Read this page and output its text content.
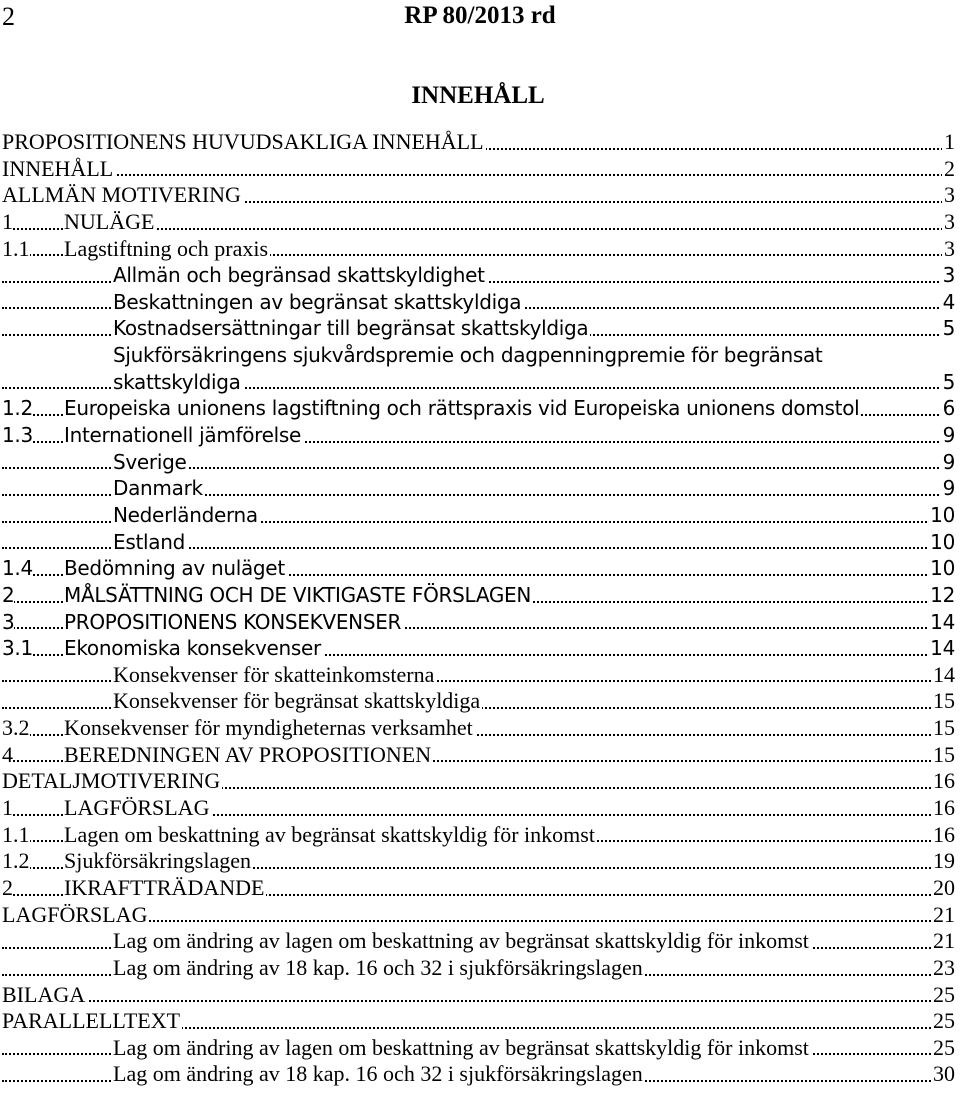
2	RP 80/2013 rd
INNEHÅLL
PROPOSITIONENS HUVUDSAKLIGA INNEHÅLL	1
INNEHÅLL	2
ALLMÄN MOTIVERING	3
1 NULÄGE	3
1.1 Lagstiftning och praxis	3
Allmän och begränsad skattskyldighet	3
Beskattningen av begränsat skattskyldiga	4
Kostnadsersättningar till begränsat skattskyldiga	5
Sjukförsäkringens sjukvårdspremie och dagpenningpremie för begränsat
skattskyldiga	5
1.2 Europeiska unionens lagstiftning och rättspraxis vid Europeiska unionens domstol	6
1.3 Internationell jämförelse	9
Sverige	9
Danmark	9
Nederländerna	10
Estland	10
1.4 Bedömning av nuläget	10
2 MÅLSÄTTNING OCH DE VIKTIGASTE FÖRSLAGEN	12
3 PROPOSITIONENS KONSEKVENSER	14
3.1 Ekonomiska konsekvenser	14
Konsekvenser för skatteinkomsterna	14
Konsekvenser för begränsat skattskyldiga	15
3.2 Konsekvenser för myndigheternas verksamhet	15
4 BEREDNINGEN AV PROPOSITIONEN	15
DETALJMOTIVERING	16
1 LAGFÖRSLAG	16
1.1 Lagen om beskattning av begränsat skattskyldig för inkomst	16
1.2 Sjukförsäkringslagen	19
2 IKRAFTTRÄDANDE	20
LAGFÖRSLAG	21
Lag om ändring av lagen om beskattning av begränsat skattskyldig för inkomst	21
Lag om ändring av 18 kap. 16 och 32 i sjukförsäkringslagen	23
BILAGA	25
PARALLELLTEXT	25
Lag om ändring av lagen om beskattning av begränsat skattskyldig för inkomst	25
Lag om ändring av 18 kap. 16 och 32 i sjukförsäkringslagen	30
